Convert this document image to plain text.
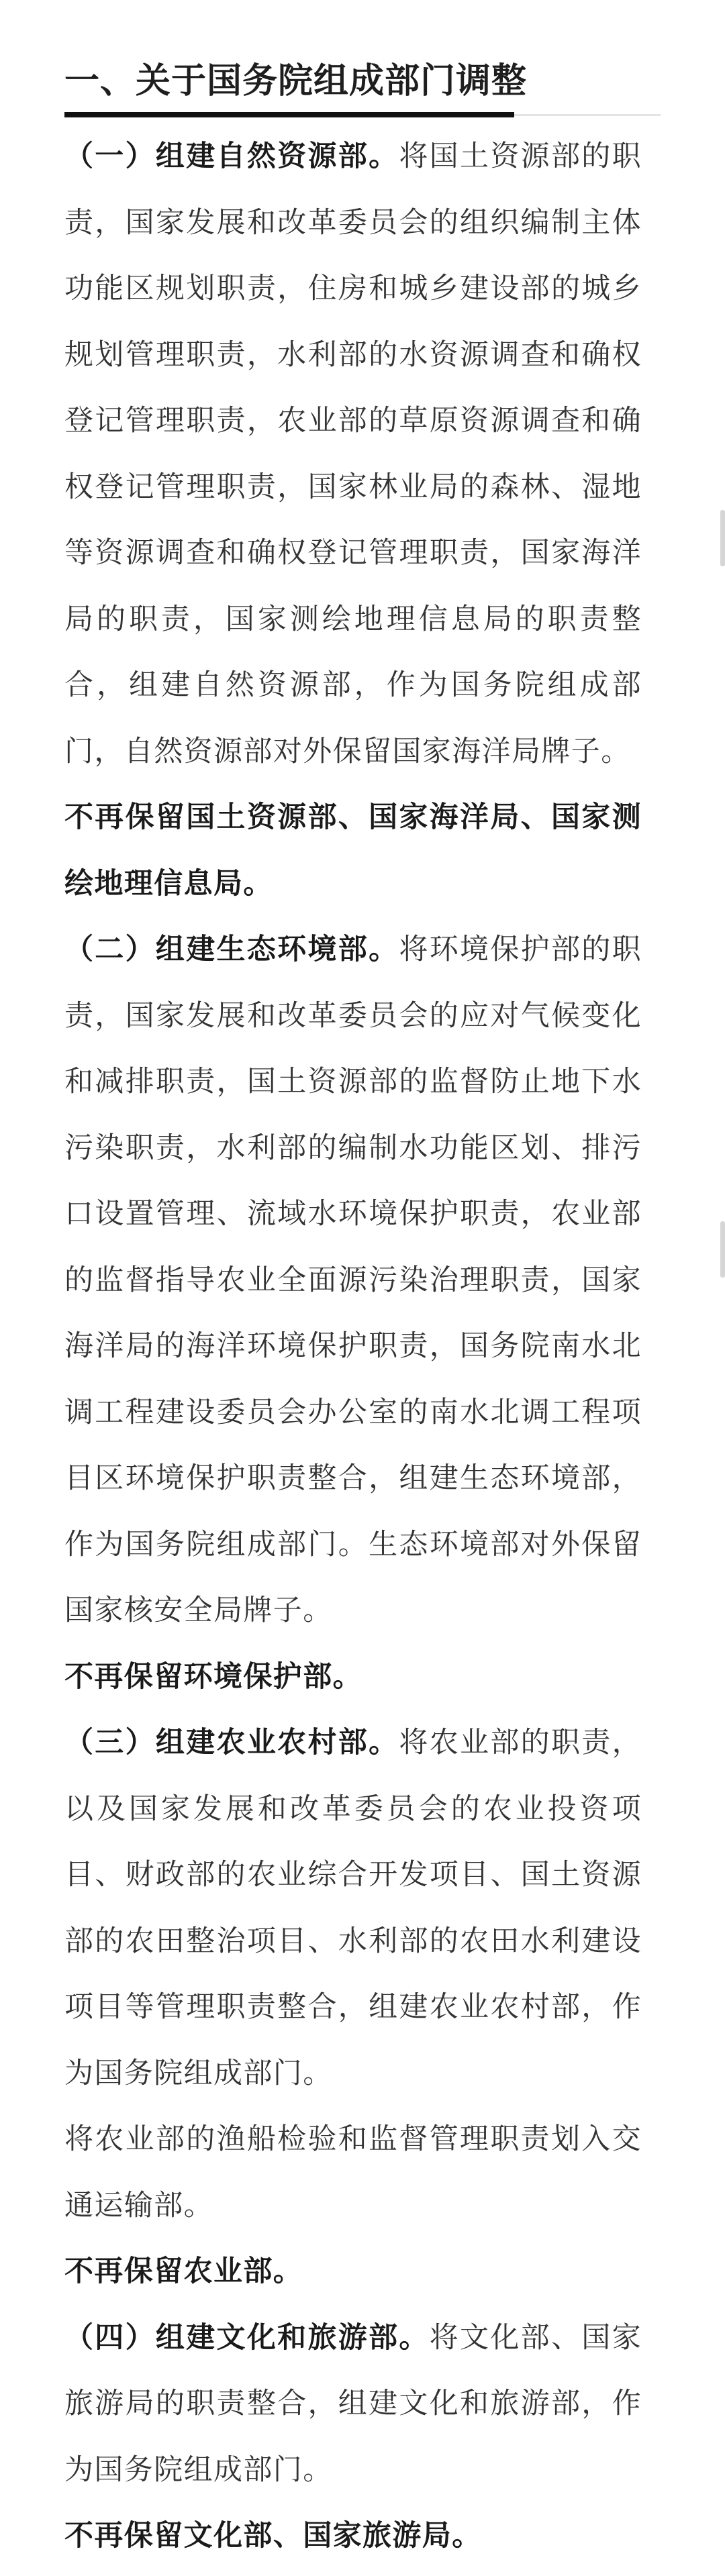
一、关于国务院组成部门调整

（一）组建自然资源部。将国土资源部的职责，国家发展和改革委员会的组织编制主体功能区规划职责，住房和城乡建设部的城乡规划管理职责，水利部的水资源调查和确权登记管理职责，农业部的草原资源调查和确权登记管理职责，国家林业局的森林、湿地等资源调查和确权登记管理职责，国家海洋局的职责，国家测绘地理信息局的职责整合，组建自然资源部，作为国务院组成部门，自然资源部对外保留国家海洋局牌子。

不再保留国土资源部、国家海洋局、国家测绘地理信息局。

（二）组建生态环境部。将环境保护部的职责，国家发展和改革委员会的应对气候变化和减排职责，国土资源部的监督防止地下水污染职责，水利部的编制水功能区划、排污口设置管理、流域水环境保护职责，农业部的监督指导农业全面源污染治理职责，国家海洋局的海洋环境保护职责，国务院南水北调工程建设委员会办公室的南水北调工程项目区环境保护职责整合，组建生态环境部，作为国务院组成部门。生态环境部对外保留国家核安全局牌子。

不再保留环境保护部。

（三）组建农业农村部。将农业部的职责，以及国家发展和改革委员会的农业投资项目、财政部的农业综合开发项目、国土资源部的农田整治项目、水利部的农田水利建设项目等管理职责整合，组建农业农村部，作为国务院组成部门。

将农业部的渔船检验和监督管理职责划入交通运输部。

不再保留农业部。

（四）组建文化和旅游部。将文化部、国家旅游局的职责整合，组建文化和旅游部，作为国务院组成部门。

不再保留文化部、国家旅游局。
